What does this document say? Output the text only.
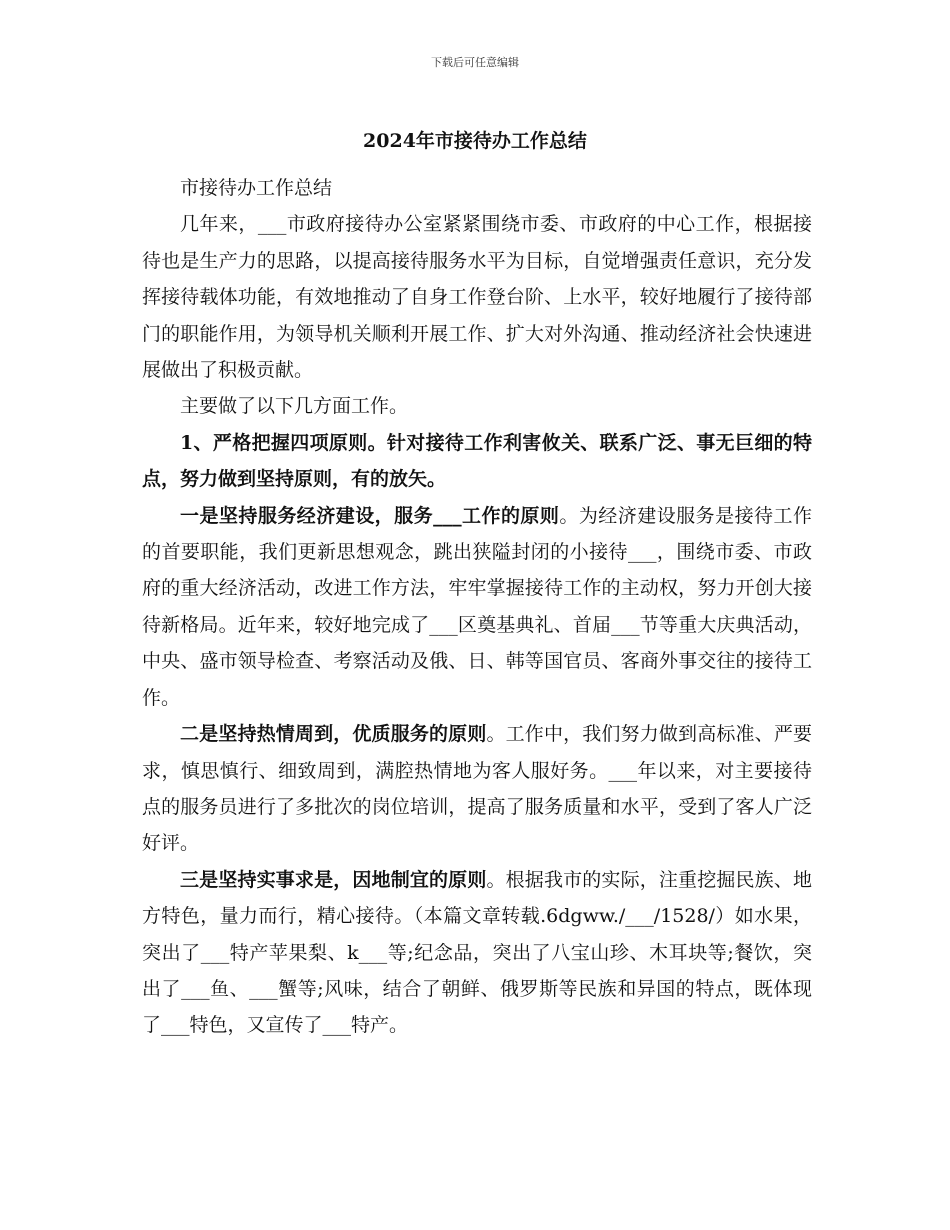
下载后可任意编辑
2024年市接待办工作总结

市接待办工作总结

几年来，___市政府接待办公室紧紧围绕市委、市政府的中心工作，根据接待也是生产力的思路，以提高接待服务水平为目标，自觉增强责任意识，充分发挥接待载体功能，有效地推动了自身工作登台阶、上水平，较好地履行了接待部门的职能作用，为领导机关顺利开展工作、扩大对外沟通、推动经济社会快速进展做出了积极贡献。

主要做了以下几方面工作。

1、严格把握四项原则。针对接待工作利害攸关、联系广泛、事无巨细的特点，努力做到坚持原则，有的放矢。

一是坚持服务经济建设，服务___工作的原则。为经济建设服务是接待工作的首要职能，我们更新思想观念，跳出狭隘封闭的小接待___，围绕市委、市政府的重大经济活动，改进工作方法，牢牢掌握接待工作的主动权，努力开创大接待新格局。近年来，较好地完成了___区奠基典礼、首届___节等重大庆典活动，中央、盛市领导检查、考察活动及俄、日、韩等国官员、客商外事交往的接待工作。

二是坚持热情周到，优质服务的原则。工作中，我们努力做到高标准、严要求，慎思慎行、细致周到，满腔热情地为客人服好务。___年以来，对主要接待点的服务员进行了多批次的岗位培训，提高了服务质量和水平，受到了客人广泛好评。

三是坚持实事求是，因地制宜的原则。根据我市的实际，注重挖掘民族、地方特色，量力而行，精心接待。（本篇文章转载.6dgww./___/1528/）如水果，突出了___特产苹果梨、k___等;纪念品，突出了八宝山珍、木耳块等;餐饮，突出了___鱼、___蟹等;风味，结合了朝鲜、俄罗斯等民族和异国的特点，既体现了___特色，又宣传了___特产。
